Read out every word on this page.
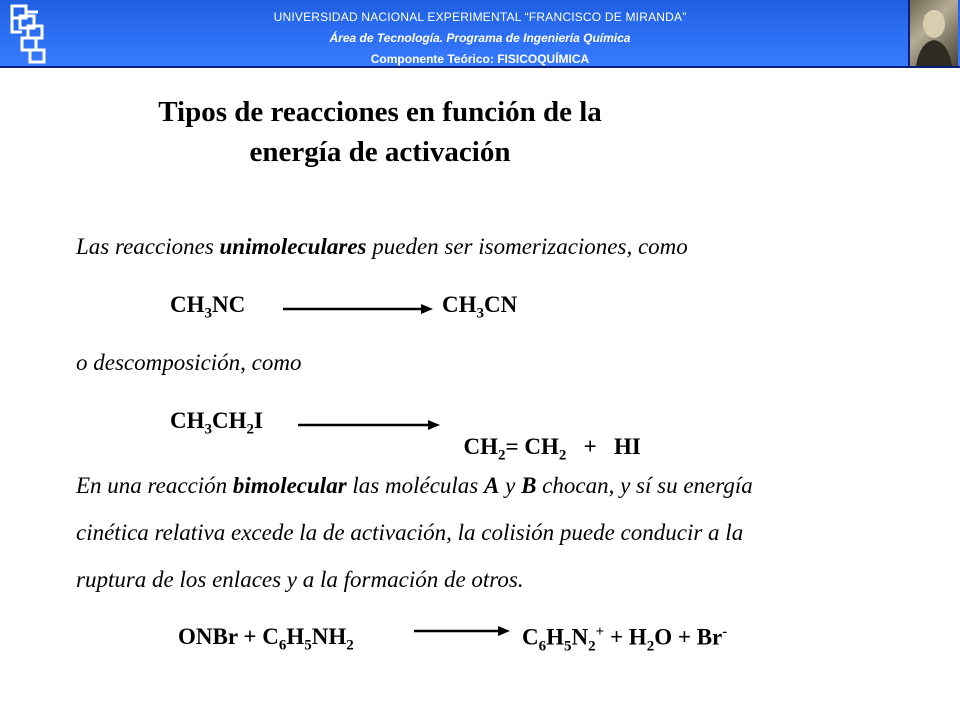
UNIVERSIDAD NACIONAL EXPERIMENTAL “FRANCISCO DE MIRANDA”
Área de Tecnología. Programa de Ingeniería Química
Componente Teórico: FISICOQUÍMICA
Tipos de reacciones en función de la
energía de activación
Las reacciones unimoleculares pueden ser isomerizaciones, como
$CH_3NC$	$CH_3CN$
o descomposición, como
$CH_3CH_2I$

$CH_2= CH_2$   +   HI

En una reacción bimolecular las moléculas A y B chocan, y sí su energía
cinética relativa excede la de activación, la colisión puede conducir a la
ruptura de los enlaces y a la formación de otros.
ONBr + $C_6H_5NH_2$	$C_6H_5N_2^+ + H_2O + Br^-$
